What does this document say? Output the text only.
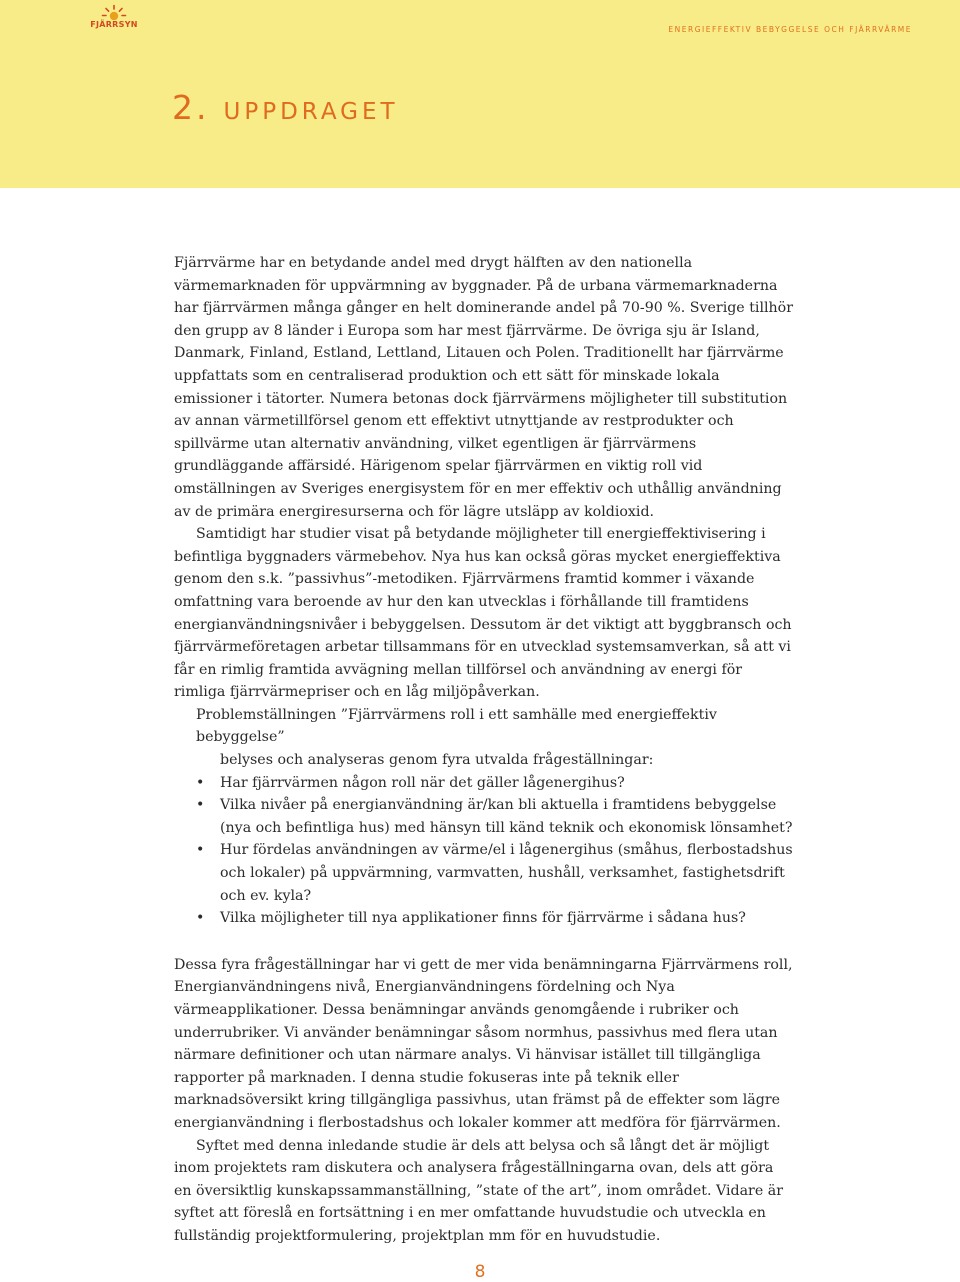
FJÄRRSYN
ENERGIEFFEKTIV BEBYGGELSE OCH FJÄRRVÄRME
2. uppdraget

Fjärrvärme har en betydande andel med drygt hälften av den nationella värmemarknaden för uppvärmning av byggnader. På de urbana värmemarknaderna har fjärrvärmen många gånger en helt dominerande andel på 70-90 %. Sverige tillhör den grupp av 8 länder i Europa som har mest fjärrvärme. De övriga sju är Island, Danmark, Finland, Estland, Lettland, Litauen och Polen. Traditionellt har fjärrvärme uppfattats som en centraliserad produktion och ett sätt för minskade lokala emissioner i tätorter. Numera betonas dock fjärrvärmens möjligheter till substitution av annan värmetillförsel genom ett effektivt utnyttjande av restprodukter och spillvärme utan alternativ användning, vilket egentligen är fjärrvärmens grundläggande affärsidé. Härigenom spelar fjärrvärmen en viktig roll vid omställningen av Sveriges energisystem för en mer effektiv och uthållig användning av de primära energiresurserna och för lägre utsläpp av koldioxid.

Samtidigt har studier visat på betydande möjligheter till energieffektivisering i befintliga byggnaders värmebehov. Nya hus kan också göras mycket energieffektiva genom den s.k. ”passivhus”-metodiken. Fjärrvärmens framtid kommer i växande omfattning vara beroende av hur den kan utvecklas i förhållande till framtidens energianvändningsnivåer i bebyggelsen. Dessutom är det viktigt att byggbransch och fjärrvärmeföretagen arbetar tillsammans för en utvecklad systemsamverkan, så att vi får en rimlig framtida avvägning mellan tillförsel och användning av energi för rimliga fjärrvärmepriser och en låg miljöpåverkan.

Problemställningen ”Fjärrvärmens roll i ett samhälle med energieffektiv bebyggelse”

belyses och analyseras genom fyra utvalda frågeställningar:

• Har fjärrvärmen någon roll när det gäller lågenergihus?
• Vilka nivåer på energianvändning är/kan bli aktuella i framtidens bebyggelse (nya och befintliga hus) med hänsyn till känd teknik och ekonomisk lönsamhet?
• Hur fördelas användningen av värme/el i lågenergihus (småhus, flerbostadshus och lokaler) på uppvärmning, varmvatten, hushåll, verksamhet, fastighetsdrift och ev. kyla?
• Vilka möjligheter till nya applikationer finns för fjärrvärme i sådana hus?

Dessa fyra frågeställningar har vi gett de mer vida benämningarna Fjärrvärmens roll, Energianvändningens nivå, Energianvändningens fördelning och Nya värmeapplikationer. Dessa benämningar används genomgående i rubriker och underrubriker. Vi använder benämningar såsom normhus, passivhus med flera utan närmare definitioner och utan närmare analys. Vi hänvisar istället till tillgängliga rapporter på marknaden. I denna studie fokuseras inte på teknik eller marknadsöversikt kring tillgängliga passivhus, utan främst på de effekter som lägre energianvändning i flerbostadshus och lokaler kommer att medföra för fjärrvärmen.

Syftet med denna inledande studie är dels att belysa och så långt det är möjligt inom projektets ram diskutera och analysera frågeställningarna ovan, dels att göra en översiktlig kunskapssammanställning, ”state of the art”, inom området. Vidare är syftet att föreslå en fortsättning i en mer omfattande huvudstudie och utveckla en fullständig projektformulering, projektplan mm för en huvudstudie.

8
